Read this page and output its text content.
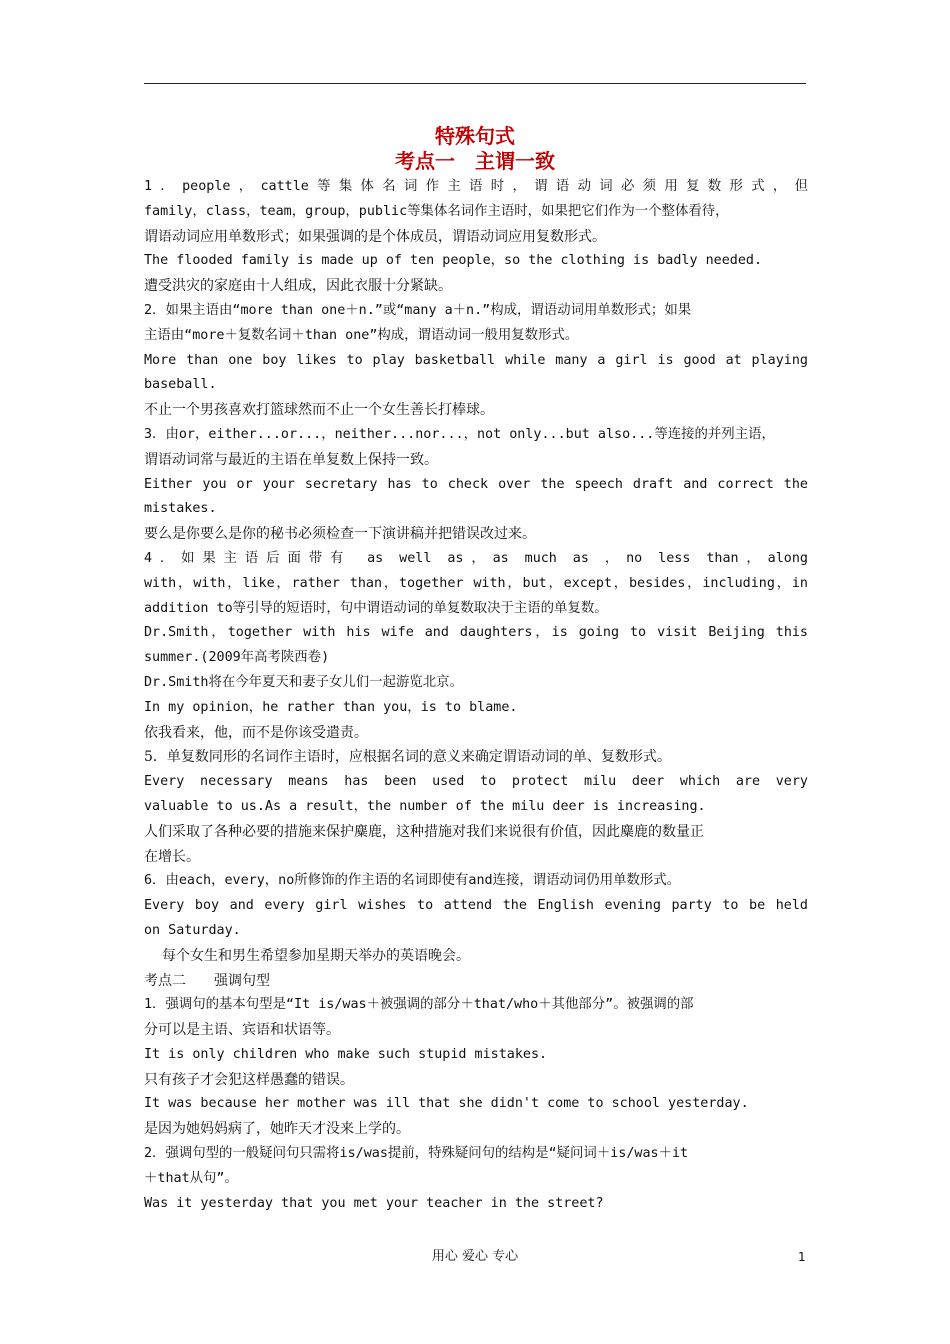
特殊句式
考点一　主谓一致

1．people，cattle等集体名词作主语时，谓语动词必须用复数形式，但

family，class，team，group，public等集体名词作主语时，如果把它们作为一个整体看待，

谓语动词应用单数形式；如果强调的是个体成员，谓语动词应用复数形式。

The flooded family is made up of ten people，so the clothing is badly needed.

遭受洪灾的家庭由十人组成，因此衣服十分紧缺。

2．如果主语由“more than one＋n.”或“many a＋n.”构成，谓语动词用单数形式；如果

主语由“more＋复数名词＋than one”构成，谓语动词一般用复数形式。

More than one boy likes to play basketball while many a girl is good at playing

baseball.

不止一个男孩喜欢打篮球然而不止一个女生善长打棒球。

3．由or，either...or...，neither...nor...，not only...but also...等连接的并列主语，

谓语动词常与最近的主语在单复数上保持一致。

Either you or your secretary has to check over the speech draft and correct the

mistakes.

要么是你要么是你的秘书必须检查一下演讲稿并把错误改过来。

4．如果主语后面带有 as well as，as much as ，no less than，along

with，with，like，rather than，together with，but，except，besides，including，in

addition to等引导的短语时，句中谓语动词的单复数取决于主语的单复数。

Dr.Smith，together with his wife and daughters，is going to visit Beijing this

summer.(2009年高考陕西卷)

Dr.Smith将在今年夏天和妻子女儿们一起游览北京。

In my opinion，he rather than you，is to blame.

依我看来，他，而不是你该受遣责。

5．单复数同形的名词作主语时，应根据名词的意义来确定谓语动词的单、复数形式。

Every necessary means has been used to protect milu deer which are very

valuable to us.As a result，the number of the milu deer is increasing.

人们采取了各种必要的措施来保护麋鹿，这种措施对我们来说很有价值，因此麋鹿的数量正

在增长。

6．由each，every，no所修饰的作主语的名词即使有and连接，谓语动词仍用单数形式。

Every boy and every girl wishes to attend the English evening party to be held

on Saturday.

每个女生和男生希望参加星期天举办的英语晚会。

考点二　　强调句型

1．强调句的基本句型是“It is/was＋被强调的部分＋that/who＋其他部分”。被强调的部

分可以是主语、宾语和状语等。

It is only children who make such stupid mistakes.

只有孩子才会犯这样愚蠢的错误。

It was because her mother was ill that she didn't come to school yesterday.

是因为她妈妈病了，她昨天才没来上学的。

2．强调句型的一般疑问句只需将is/was提前，特殊疑问句的结构是“疑问词＋is/was＋it

＋that从句”。

Was it yesterday that you met your teacher in the street?

用心 爱心 专心	1
